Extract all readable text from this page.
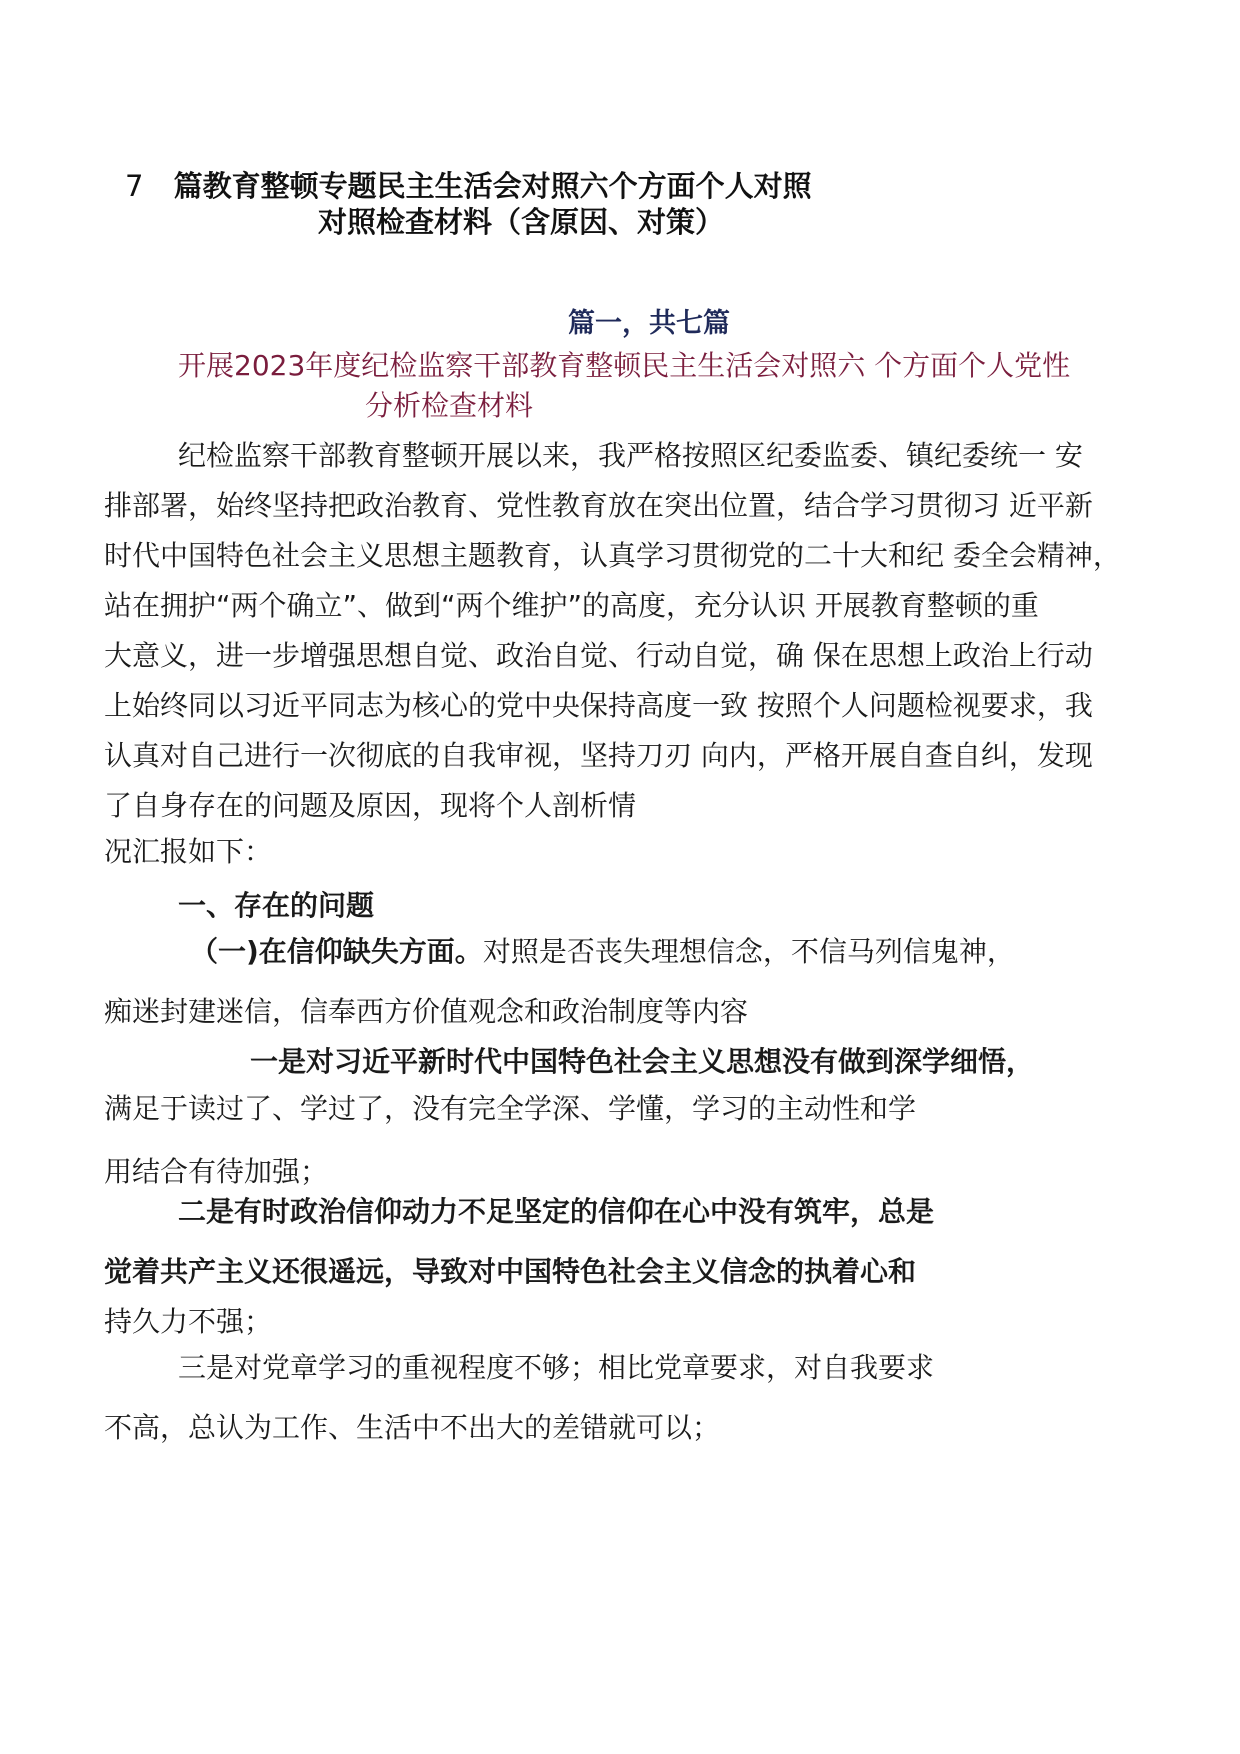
7 篇教育整顿专题民主生活会对照六个方面个人对照
对照检查材料（含原因、对策）
篇一，共七篇
开展2023年度纪检监察干部教育整顿民主生活会对照六 个方面个人党性
分析检查材料
纪检监察干部教育整顿开展以来，我严格按照区纪委监委、镇纪委统一 安
排部署，始终坚持把政治教育、党性教育放在突出位置，结合学习贯彻习 近平新
时代中国特色社会主义思想主题教育，认真学习贯彻党的二十大和纪 委全会精神，
站在拥护“两个确立”、做到“两个维护”的高度，充分认识 开展教育整顿的重
大意义，进一步增强思想自觉、政治自觉、行动自觉，确 保在思想上政治上行动
上始终同以习近平同志为核心的党中央保持高度一致 按照个人问题检视要求，我
认真对自己进行一次彻底的自我审视，坚持刀刃 向内，严格开展自查自纠，发现
了自身存在的问题及原因，现将个人剖析情
况汇报如下：
一、存在的问题
（一)在信仰缺失方面。对照是否丧失理想信念，不信马列信鬼神，
痴迷封建迷信，信奉西方价值观念和政治制度等内容
一是对习近平新时代中国特色社会主义思想没有做到深学细悟，
满足于读过了、学过了，没有完全学深、学懂，学习的主动性和学
用结合有待加强；
二是有时政治信仰动力不足坚定的信仰在心中没有筑牢，总是
觉着共产主义还很遥远，导致对中国特色社会主义信念的执着心和
持久力不强；
三是对党章学习的重视程度不够；相比党章要求，对自我要求
不高，总认为工作、生活中不出大的差错就可以；
